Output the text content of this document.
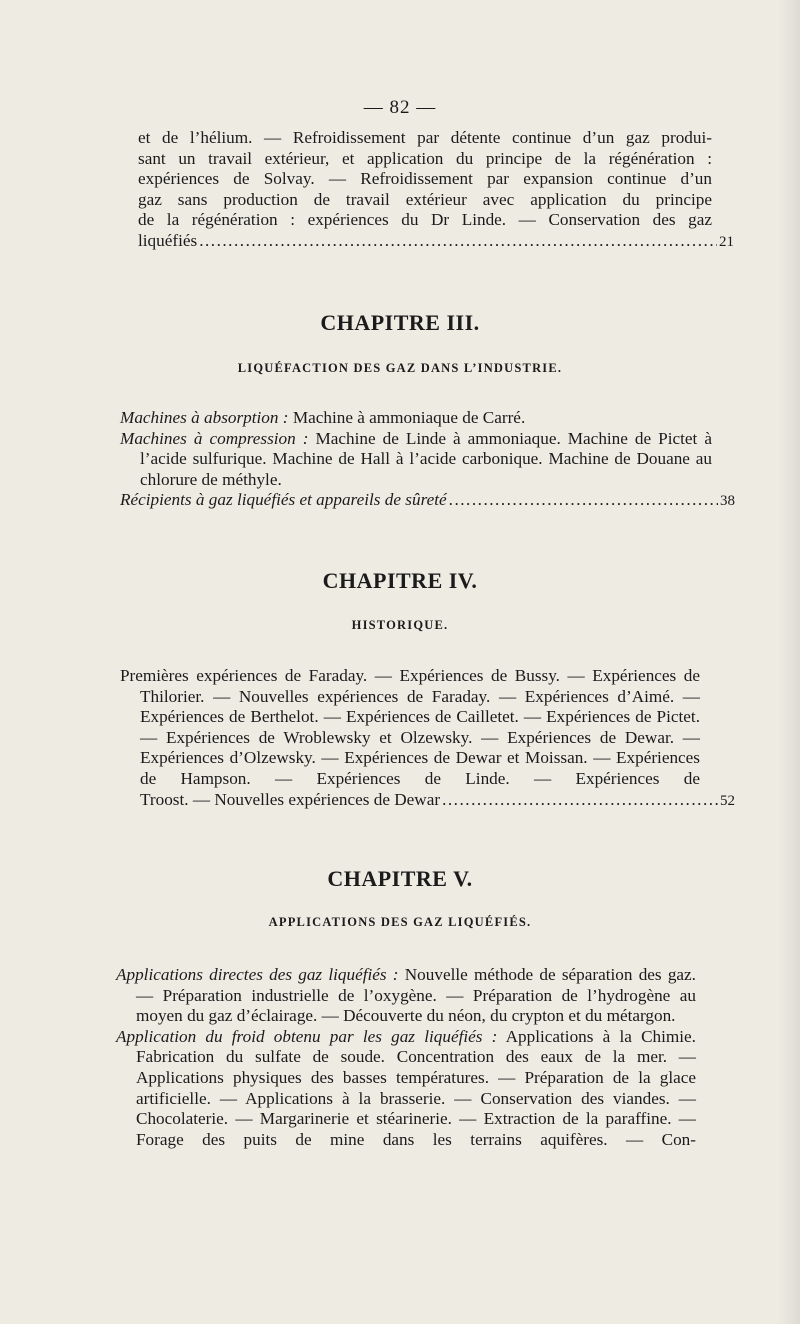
— 82 —

et de l’hélium. — Refroidissement par détente continue d’un gaz produi-

sant un travail extérieur, et application du principe de la régénération :

expériences de Solvay. — Refroidissement par expansion continue d’un

gaz sans production de travail extérieur avec application du principe

de la régénération : expériences du Dr Linde. — Conservation des gaz

liquéfiés .....	21
CHAPITRE III.
LIQUÉFACTION DES GAZ DANS L’INDUSTRIE.

Machines à absorption : Machine à ammoniaque de Carré.

Machines à compression : Machine de Linde à ammoniaque. Machine de Pictet à l’acide sulfurique. Machine de Hall à l’acide carbonique. Machine de Douane au chlorure de méthyle.

Récipients à gaz liquéfiés et appareils de sûreté .....	38
CHAPITRE IV.
HISTORIQUE.

Premières expériences de Faraday. — Expériences de Bussy. — Expériences de Thilorier. — Nouvelles expériences de Faraday. — Expériences d’Aimé. — Expériences de Berthelot. — Expériences de Cailletet. — Expériences de Pictet. — Expériences de Wroblewsky et Olzewsky. — Expériences de Dewar. — Expériences d’Olzewsky. — Expériences de Dewar et Moissan. — Expériences de Hampson. — Expériences de Linde. — Expériences de

Troost. — Nouvelles expériences de Dewar .....	52
CHAPITRE V.
APPLICATIONS DES GAZ LIQUÉFIÉS.

Applications directes des gaz liquéfiés : Nouvelle méthode de séparation des gaz. — Préparation industrielle de l’oxygène. — Préparation de l’hydrogène au moyen du gaz d’éclairage. — Découverte du néon, du crypton et du métargon.

Application du froid obtenu par les gaz liquéfiés : Applications à la Chimie. Fabrication du sulfate de soude. Concentration des eaux de la mer. — Applications physiques des basses températures. — Préparation de la glace artificielle. — Applications à la brasserie. — Conservation des viandes. — Chocolaterie. — Margarinerie et stéarinerie. — Extraction de la paraffine. — Forage des puits de mine dans les terrains aquifères. — Con-
